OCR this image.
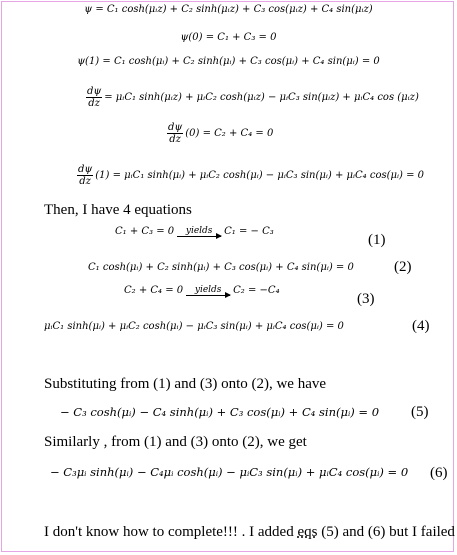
ψ = C₁ cosh(μᵢz) + C₂ sinh(μᵢz) + C₃ cos(μᵢz) + C₄ sin(μᵢz)
ψ(0) = C₁ + C₃ = 0
ψ(1) = C₁ cosh(μᵢ) + C₂ sinh(μᵢ) + C₃ cos(μᵢ) + C₄ sin(μᵢ) = 0
$\frac{d\psi}{dz}$ = μᵢC₁ sinh(μᵢz) + μᵢC₂ cosh(μᵢz) − μᵢC₃ sin(μᵢz) + μᵢC₄ cos (μᵢz)
$\frac{d\psi}{dz} (0) = C_2 + C_4 = 0$
$\frac{d\psi}{dz} (1)$ = μᵢC₁ sinh(μᵢ) + μᵢC₂ cosh(μᵢ) − μᵢC₃ sin(μᵢ) + μᵢC₄ cos(μᵢ) = 0
Then, I have 4 equations
C₁ + C₃ = 0	yields	C₁ = − C₃
(1)
C₁ cosh(μᵢ) + C₂ sinh(μᵢ) + C₃ cos(μᵢ) + C₄ sin(μᵢ) = 0	(2)
C₂ + C₄ = 0	yields	C₂ = −C₄
(3)
μᵢC₁ sinh(μᵢ) + μᵢC₂ cosh(μᵢ) − μᵢC₃ sin(μᵢ) + μᵢC₄ cos(μᵢ) = 0	(4)
Substituting from (1) and (3) onto (2), we have
− C₃ cosh(μᵢ) − C₄ sinh(μᵢ) + C₃ cos(μᵢ) + C₄ sin(μᵢ) = 0 (5)
Similarly , from (1) and (3) onto (2), we get
− C₃μᵢ sinh(μᵢ) − C₄μᵢ cosh(μᵢ) − μᵢC₃ sin(μᵢ) + μᵢC₄ cos(μᵢ) = 0 (6)
I don't know how to complete!!! . I added eqs (5) and (6) but I failed
